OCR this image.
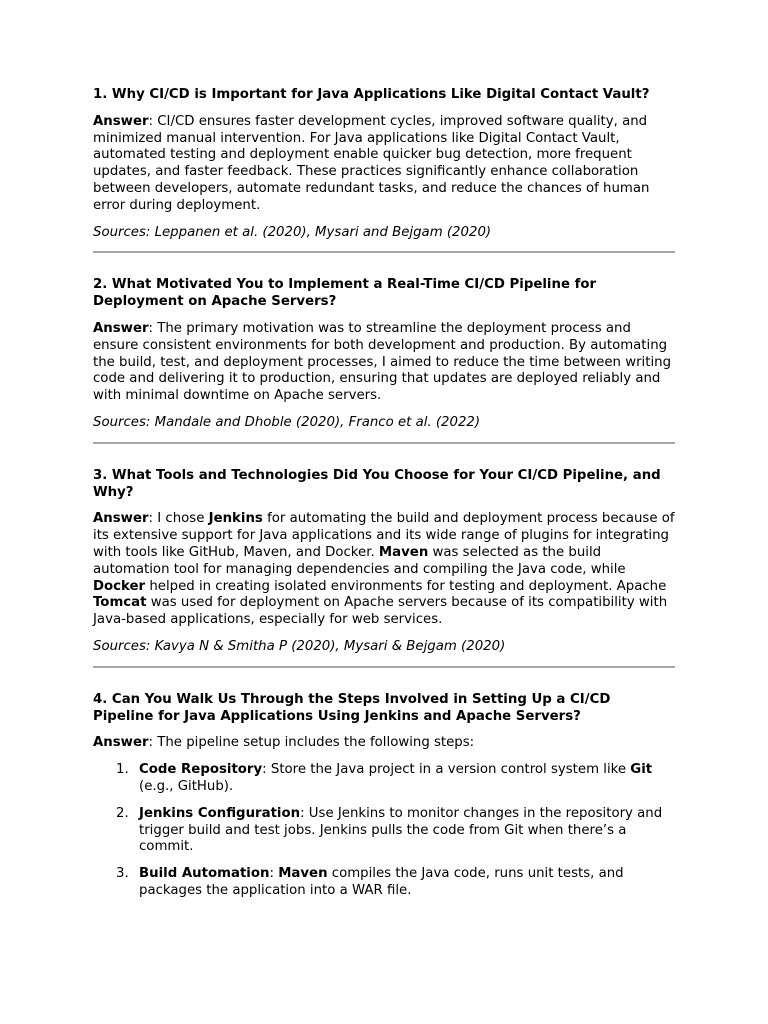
1. Why CI/CD is Important for Java Applications Like Digital Contact Vault?

Answer: CI/CD ensures faster development cycles, improved software quality, and minimized manual intervention. For Java applications like Digital Contact Vault, automated testing and deployment enable quicker bug detection, more frequent updates, and faster feedback. These practices significantly enhance collaboration between developers, automate redundant tasks, and reduce the chances of human error during deployment.

Sources: Leppanen et al. (2020), Mysari and Bejgam (2020)

2. What Motivated You to Implement a Real-Time CI/CD Pipeline for Deployment on Apache Servers?

Answer: The primary motivation was to streamline the deployment process and ensure consistent environments for both development and production. By automating the build, test, and deployment processes, I aimed to reduce the time between writing code and delivering it to production, ensuring that updates are deployed reliably and with minimal downtime on Apache servers.

Sources: Mandale and Dhoble (2020), Franco et al. (2022)

3. What Tools and Technologies Did You Choose for Your CI/CD Pipeline, and Why?

Answer: I chose Jenkins for automating the build and deployment process because of its extensive support for Java applications and its wide range of plugins for integrating with tools like GitHub, Maven, and Docker. Maven was selected as the build automation tool for managing dependencies and compiling the Java code, while Docker helped in creating isolated environments for testing and deployment. Apache Tomcat was used for deployment on Apache servers because of its compatibility with Java-based applications, especially for web services.

Sources: Kavya N & Smitha P (2020), Mysari & Bejgam (2020)

4. Can You Walk Us Through the Steps Involved in Setting Up a CI/CD Pipeline for Java Applications Using Jenkins and Apache Servers?

Answer: The pipeline setup includes the following steps:

1. Code Repository: Store the Java project in a version control system like Git (e.g., GitHub).
2. Jenkins Configuration: Use Jenkins to monitor changes in the repository and trigger build and test jobs. Jenkins pulls the code from Git when there’s a commit.
3. Build Automation: Maven compiles the Java code, runs unit tests, and packages the application into a WAR file.
